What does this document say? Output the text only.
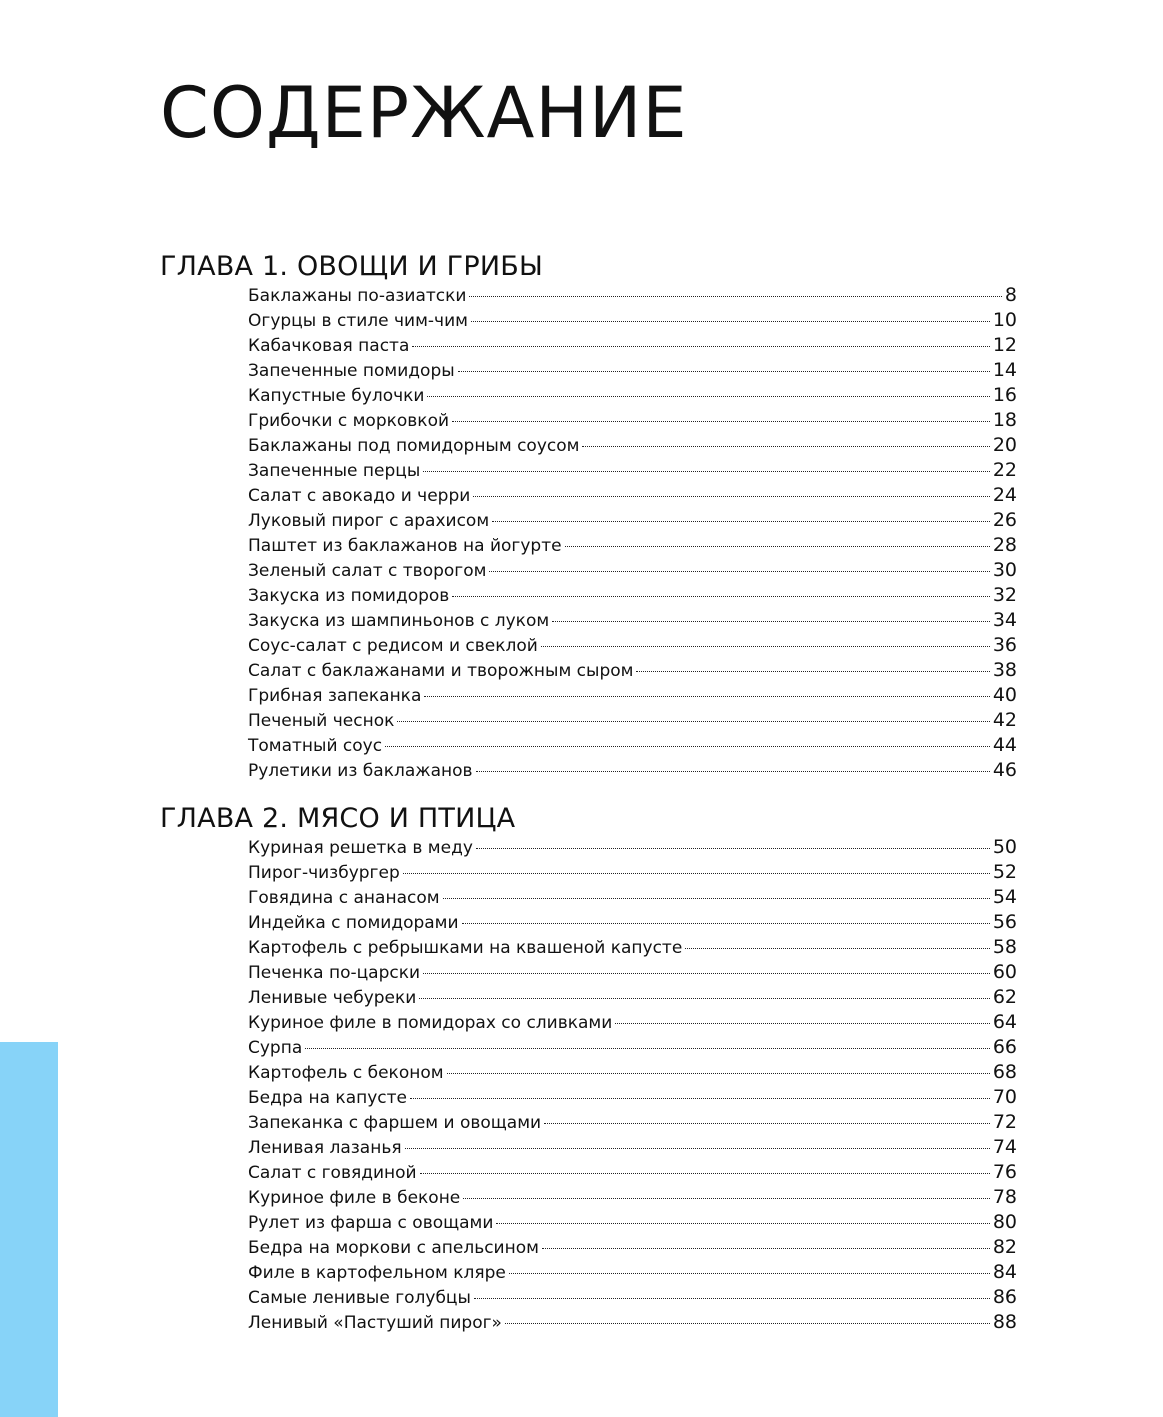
СОДЕРЖАНИЕ
ГЛАВА 1. ОВОЩИ И ГРИБЫ
Баклажаны по-азиатски	8
Огурцы в стиле чим-чим	10
Кабачковая паста	12
Запеченные помидоры	14
Капустные булочки	16
Грибочки с морковкой	18
Баклажаны под помидорным соусом	20
Запеченные перцы	22
Салат с авокадо и черри	24
Луковый пирог с арахисом	26
Паштет из баклажанов на йогурте	28
Зеленый салат с творогом	30
Закуска из помидоров	32
Закуска из шампиньонов с луком	34
Соус-салат с редисом и свеклой	36
Салат с баклажанами и творожным сыром	38
Грибная запеканка	40
Печеный чеснок	42
Томатный соус	44
Рулетики из баклажанов	46
ГЛАВА 2. МЯСО И ПТИЦА
Куриная решетка в меду	50
Пирог-чизбургер	52
Говядина с ананасом	54
Индейка с помидорами	56
Картофель с ребрышками на квашеной капусте	58
Печенка по-царски	60
Ленивые чебуреки	62
Куриное филе в помидорах со сливками	64
Сурпа	66
Картофель с беконом	68
Бедра на капусте	70
Запеканка с фаршем и овощами	72
Ленивая лазанья	74
Салат с говядиной	76
Куриное филе в беконе	78
Рулет из фарша с овощами	80
Бедра на моркови с апельсином	82
Филе в картофельном кляре	84
Самые ленивые голубцы	86
Ленивый «Пастуший пирог»	88
